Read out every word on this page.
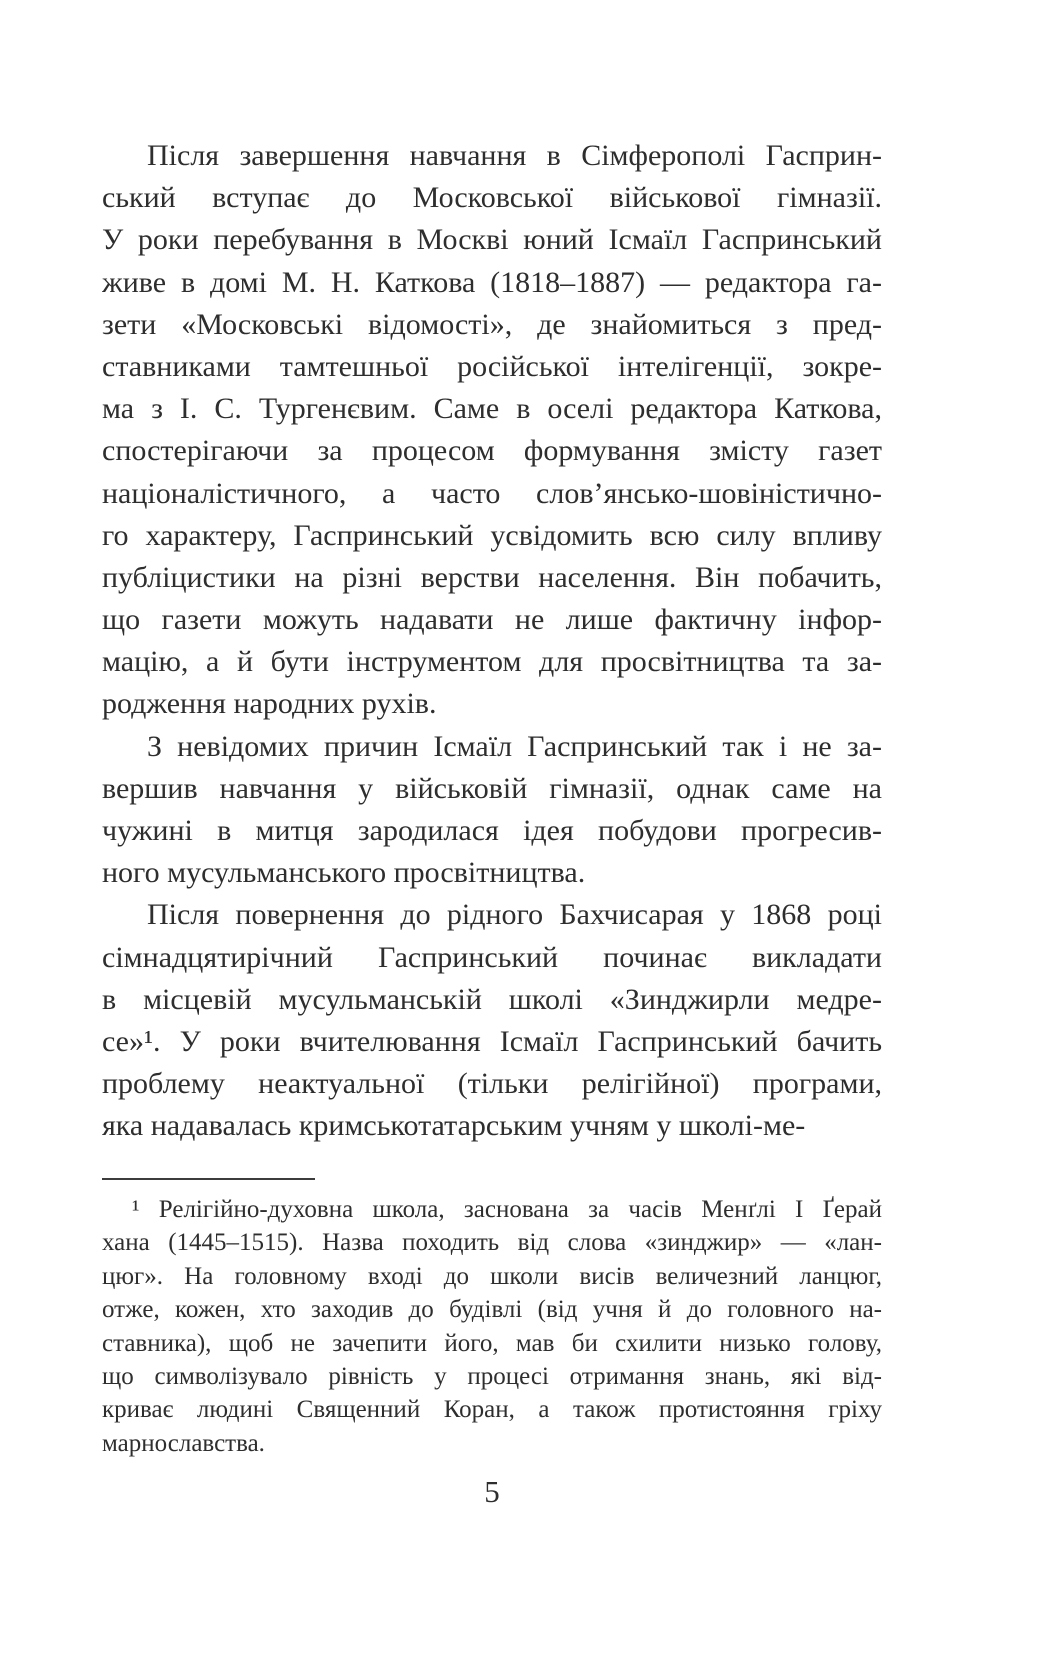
Після завершення навчання в Сімферополі Гасприн-
ський вступає до Московської військової гімназії.
У роки перебування в Москві юний Ісмаїл Гаспринський
живе в домі М. Н. Каткова (1818–1887) — редактора га-
зети «Московські відомості», де знайомиться з пред-
ставниками тамтешньої російської інтелігенції, зокре-
ма з І. С. Тургенєвим. Саме в оселі редактора Каткова,
спостерігаючи за процесом формування змісту газет
націоналістичного, а часто слов’янсько-шовіністично-
го характеру, Гаспринський усвідомить всю силу впливу
публіцистики на різні верстви населення. Він побачить,
що газети можуть надавати не лише фактичну інфор-
мацію, а й бути інструментом для просвітництва та за-
родження народних рухів.

З невідомих причин Ісмаїл Гаспринський так і не за-
вершив навчання у військовій гімназії, однак саме на
чужині в митця зародилася ідея побудови прогресив-
ного мусульманського просвітництва.

Після повернення до рідного Бахчисарая у 1868 році
сімнадцятирічний Гаспринський починає викладати
в місцевій мусульманській школі «Зинджирли медре-
се»¹. У роки вчителювання Ісмаїл Гаспринський бачить
проблему неактуальної (тільки релігійної) програми,
яка надавалась кримськотатарським учням у школі-ме-

¹ Релігійно-духовна школа, заснована за часів Менґлі І Ґерай
хана (1445–1515). Назва походить від слова «зинджир» — «лан-
цюг». На головному вході до школи висів величезний ланцюг,
отже, кожен, хто заходив до будівлі (від учня й до головного на-
ставника), щоб не зачепити його, мав би схилити низько голову,
що символізувало рівність у процесі отримання знань, які від-
криває людині Священний Коран, а також протистояння гріху
марнославства.
5
